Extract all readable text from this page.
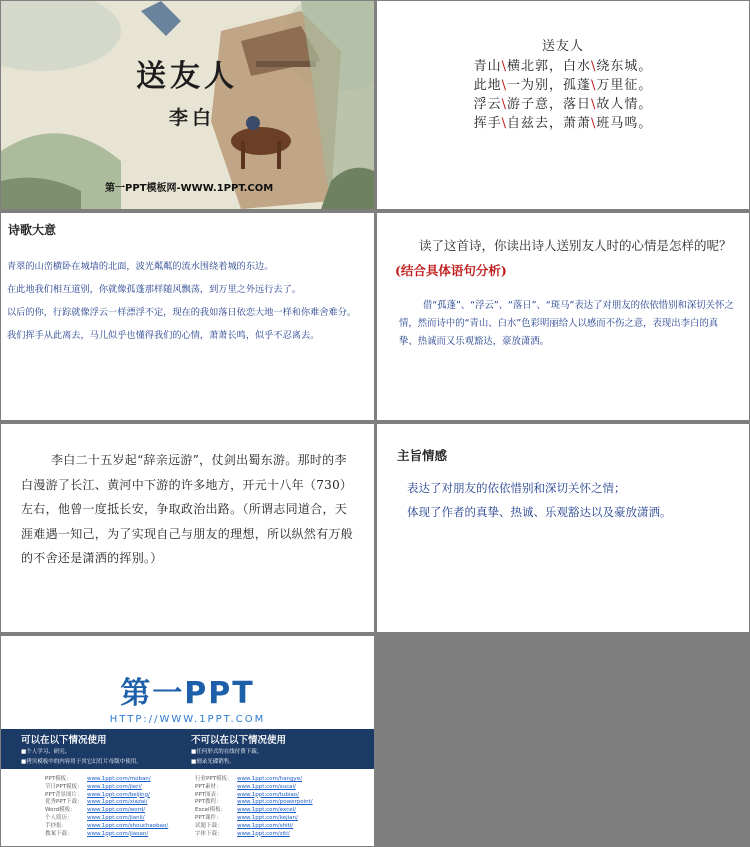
送友人
李白
第一PPT模板网-WWW.1PPT.COM
送友人
青山\横北郭，白水\绕东城。
此地\一为别，孤蓬\万里征。
浮云\游子意，落日\故人情。
挥手\自兹去，萧萧\班马鸣。
诗歌大意

青翠的山峦横卧在城墙的北面，波光粼粼的流水围绕着城的东边。

在此地我们相互道别，你就像孤蓬那样随风飘荡，到万里之外远行去了。

以后的你，行踪就像浮云一样漂浮不定，现在的我如落日依恋大地一样和你难舍难分。

我们挥手从此离去，马儿似乎也懂得我们的心情，萧萧长鸣，似乎不忍离去。

读了这首诗，你读出诗人送别友人时的心情是怎样的呢？(结合具体语句分析)
借“孤蓬”、“浮云”、“落日”、“斑马”表达了对朋友的依依惜别和深切关怀之情，然而诗中的“青山、白水”色彩明丽给人以感而不伤之意，表现出李白的真挚、热诚而又乐观豁达，豪放潇洒。
李白二十五岁起“辞亲远游”，仗剑出蜀东游。那时的李白漫游了长江、黄河中下游的许多地方，开元十八年（730）左右，他曾一度抵长安，争取政治出路。（所谓志同道合，天涯难遇一知己，为了实现自己与朋友的理想，所以纵然有万般的不舍还是潇洒的挥别。）
主旨情感
表达了对朋友的依依惜别和深切关怀之情；
体现了作者的真挚、热诚、乐观豁达以及豪放潇洒。
第一PPT
HTTP://WWW.1PPT.COM
可以在以下情况使用
■个人学习、研究。
■拷贝模板中的内容用于其它幻灯片母版中使用。
不可以在以下情况使用
■任何形式的在线付费下载。
■刻录光碟销售。
PPT模板：	www.1ppt.com/moban/
节日PPT模板： www.1ppt.com/jieri/
PPT背景图片： www.1ppt.com/beijing/
优秀PPT下载： www.1ppt.com/xiazai/
Word模板： www.1ppt.com/word/
个人简历：	www.1ppt.com/jianli/
手抄报：	www.1ppt.com/shouchaobao/
教案下载：	www.1ppt.com/jiaoan/
行业PPT模板： www.1ppt.com/hangye/
PPT素材：	www.1ppt.com/sucai/
PPT图表：	www.1ppt.com/tubiao/
PPT教程：	www.1ppt.com/powerpoint/
Excel模板： www.1ppt.com/excel/
PPT课件：	www.1ppt.com/kejian/
试题下载：	www.1ppt.com/shiti/
字体下载：	www.1ppt.com/ziti/
